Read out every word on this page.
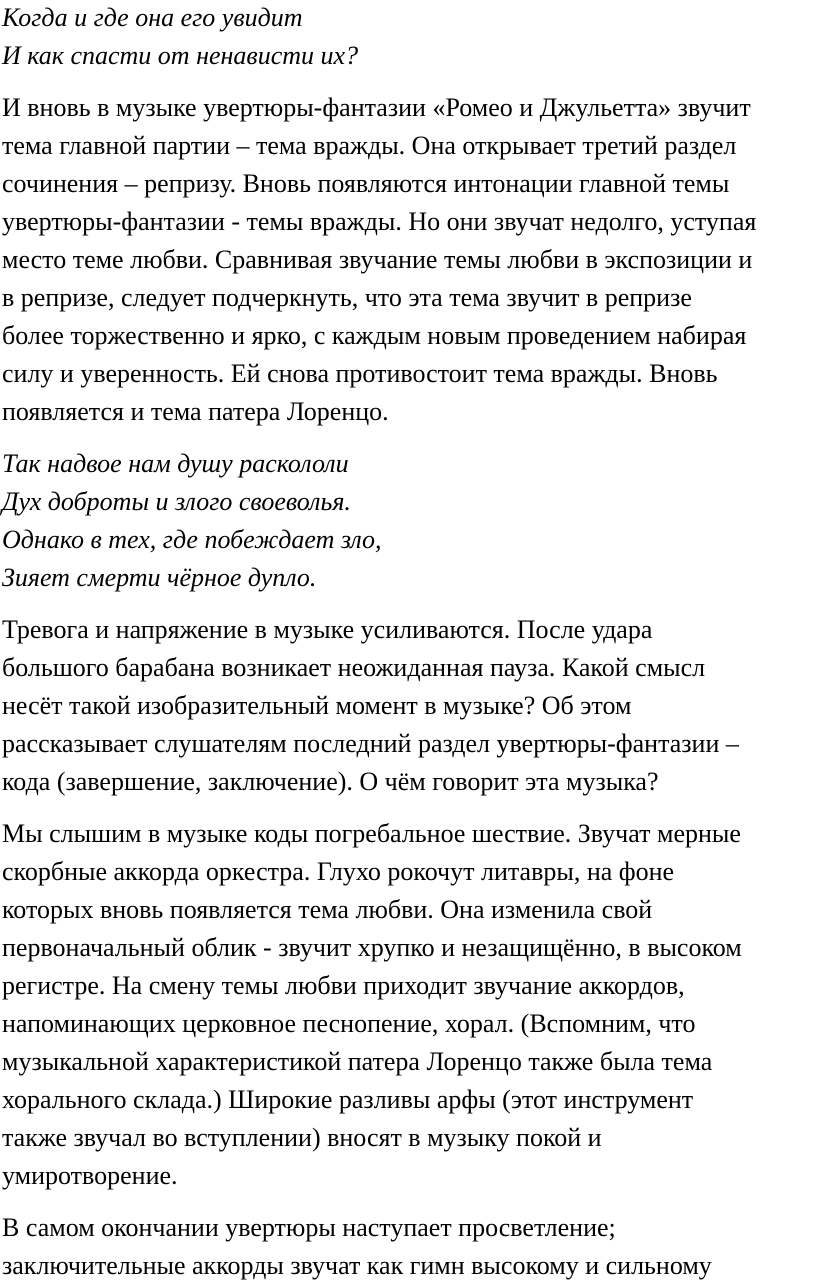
Когда и где она его увидит

И как спасти от ненависти их?

И вновь в музыке увертюры-фантазии «Ромео и Джульетта» звучит

тема главной партии – тема вражды. Она открывает третий раздел

сочинения – репризу. Вновь появляются интонации главной темы

увертюры-фантазии - темы вражды. Но они звучат недолго, уступая

место теме любви. Сравнивая звучание темы любви в экспозиции и

в репризе, следует подчеркнуть, что эта тема звучит в репризе

более торжественно и ярко, с каждым новым проведением набирая

силу и уверенность. Ей снова противостоит тема вражды. Вновь

появляется и тема патера Лоренцо.

Так надвое нам душу раскололи

Дух доброты и злого своеволья.

Однако в тех, где побеждает зло,

Зияет смерти чёрное дупло.

Тревога и напряжение в музыке усиливаются. После удара

большого барабана возникает неожиданная пауза. Какой смысл

несёт такой изобразительный момент в музыке? Об этом

рассказывает слушателям последний раздел увертюры-фантазии –

кода (завершение, заключение). О чём говорит эта музыка?

Мы слышим в музыке коды погребальное шествие. Звучат мерные

скорбные аккорда оркестра. Глухо рокочут литавры, на фоне

которых вновь появляется тема любви. Она изменила свой

первоначальный облик - звучит хрупко и незащищённо, в высоком

регистре. На смену темы любви приходит звучание аккордов,

напоминающих церковное песнопение, хорал. (Вспомним, что

музыкальной характеристикой патера Лоренцо также была тема

хорального склада.) Широкие разливы арфы (этот инструмент

также звучал во вступлении) вносят в музыку покой и

умиротворение.

В самом окончании увертюры наступает просветление;

заключительные аккорды звучат как гимн высокому и сильному
